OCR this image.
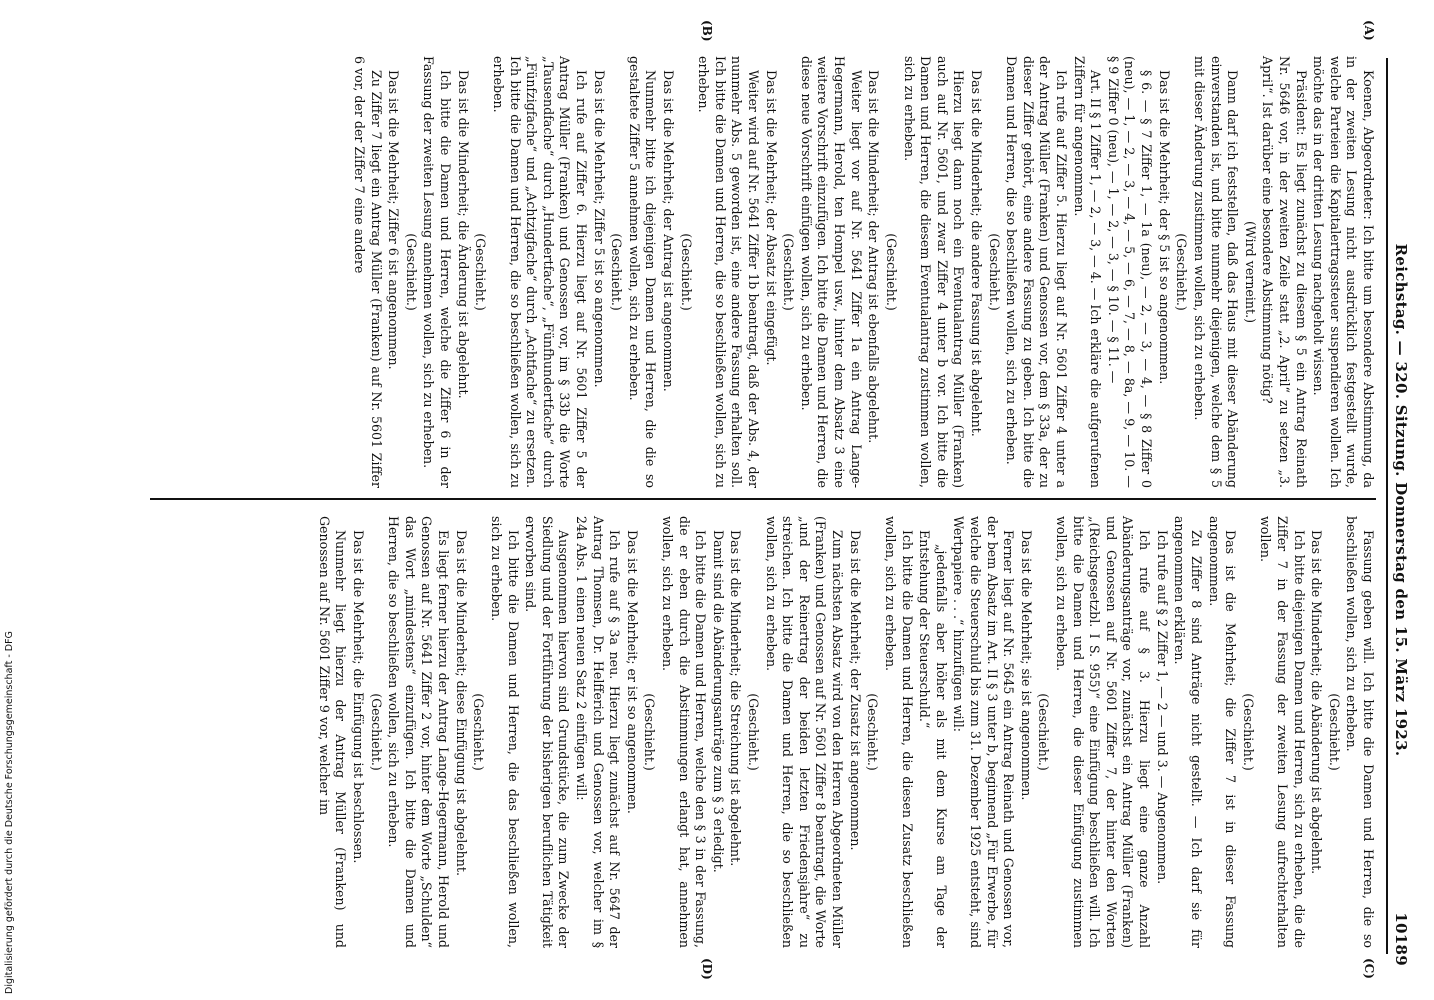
Reichstag. — 320. Sitzung. Donnerstag den 15. März 1923.
10189
(A)
(B)
(C)
(D)

Koenen, Abgeordneter: Ich bitte um besondere Abstimmung, da in der zweiten Lesung nicht ausdrücklich festgestellt wurde, welche Parteien die Kapitalertragssteuer suspendieren wollen. Ich möchte das in der dritten Lesung nachgeholt wissen.

Präsident: Es liegt zunächst zu diesem § 5 ein Antrag Reinath Nr. 5646 vor, in der zweiten Zeile statt „2. April“ zu setzen „3. April“. Ist darüber eine besondere Abstimmung nötig?

(Wird verneint.)

Dann darf ich feststellen, daß das Haus mit dieser Abänderung einverstanden ist, und bitte nunmehr diejenigen, welche dem § 5 mit dieser Änderung zustimmen wollen, sich zu erheben.

(Geschieht.)

Das ist die Mehrheit; der § 5 ist so angenommen.

§ 6. — § 7 Ziffer 1, — 1a (neu), — 2, — 3, — 4, — § 8 Ziffer 0 (neu), — 1, — 2, — 3, — 4, — 5, — 6, — 7, — 8, — 8a, — 9, — 10. — § 9 Ziffer 0 (neu), — 1, — 2, — 3, — § 10. — § 11. —

Art. II § 1 Ziffer 1, — 2, — 3, — 4. — Ich erkläre die aufgerufenen Ziffern für angenommen.

Ich rufe auf Ziffer 5. Hierzu liegt auf Nr. 5601 Ziffer 4 unter a der Antrag Müller (Franken) und Genossen vor, dem § 33a, der zu dieser Ziffer gehört, eine andere Fassung zu geben. Ich bitte die Damen und Herren, die so beschließen wollen, sich zu erheben.

(Geschieht.)

Das ist die Minderheit; die andere Fassung ist abgelehnt.

Hierzu liegt dann noch ein Eventualantrag Müller (Franken) auch auf Nr. 5601, und zwar Ziffer 4 unter b vor. Ich bitte die Damen und Herren, die diesem Eventualantrag zustimmen wollen, sich zu erheben.

(Geschieht.)

Das ist die Minderheit; der Antrag ist ebenfalls abgelehnt.

Weiter liegt vor auf Nr. 5641 Ziffer 1a ein Antrag Lange-Hegermann, Herold, ten Hompel usw., hinter dem Absatz 3 eine weitere Vorschrift einzufügen. Ich bitte die Damen und Herren, die diese neue Vorschrift einfügen wollen, sich zu erheben.

(Geschieht.)

Das ist die Mehrheit; der Absatz ist eingefügt.

Weiter wird auf Nr. 5641 Ziffer 1b beantragt, daß der Abs. 4, der nunmehr Abs. 5 geworden ist, eine andere Fassung erhalten soll. Ich bitte die Damen und Herren, die so beschließen wollen, sich zu erheben.

(Geschieht.)

Das ist die Mehrheit; der Antrag ist angenommen.

Nunmehr bitte ich diejenigen Damen und Herren, die die so gestaltete Ziffer 5 annehmen wollen, sich zu erheben.

(Geschieht.)

Das ist die Mehrheit; Ziffer 5 ist so angenommen.

Ich rufe auf Ziffer 6. Hierzu liegt auf Nr. 5601 Ziffer 5 der Antrag Müller (Franken) und Genossen vor, im § 33b die Worte „Tausendfache“ durch „Hundertfache“, „Fünfhundertfache“ durch „Fünfzigfache“ und „Achtzigfache“ durch „Achtfache“ zu ersetzen. Ich bitte die Damen und Herren, die so beschließen wollen, sich zu erheben.

(Geschieht.)

Das ist die Minderheit; die Änderung ist abgelehnt.

Ich bitte die Damen und Herren, welche die Ziffer 6 in der Fassung der zweiten Lesung annehmen wollen, sich zu erheben.

(Geschieht.)

Das ist die Mehrheit; Ziffer 6 ist angenommen.

Zu Ziffer 7 liegt ein Antrag Müller (Franken) auf Nr. 5601 Ziffer 6 vor, der der Ziffer 7 eine andere

Fassung geben will. Ich bitte die Damen und Herren, die so beschließen wollen, sich zu erheben.

(Geschieht.)

Das ist die Minderheit; die Abänderung ist abgelehnt.

Ich bitte diejenigen Damen und Herren, sich zu erheben, die die Ziffer 7 in der Fassung der zweiten Lesung aufrechterhalten wollen.

(Geschieht.)

Das ist die Mehrheit; die Ziffer 7 ist in dieser Fassung angenommen.

Zu Ziffer 8 sind Anträge nicht gestellt. — Ich darf sie für angenommen erklären.

Ich rufe auf § 2 Ziffer 1, — 2 — und 3. — Angenommen.

Ich rufe auf § 3. Hierzu liegt eine ganze Anzahl Abänderungsanträge vor, zunächst ein Antrag Müller (Franken) und Genossen auf Nr. 5601 Ziffer 7, der hinter den Worten „(Reichsgesetzbl. I S. 955)“ eine Einfügung beschließen will. Ich bitte die Damen und Herren, die dieser Einfügung zustimmen wollen, sich zu erheben.

(Geschieht.)

Das ist die Mehrheit; sie ist angenommen.

Ferner liegt auf Nr. 5645 ein Antrag Reinath und Genossen vor, der bem Absatz im Art. II § 3 unter b, beginnend „Für Erwerbe, für welche die Steuerschuld bis zum 31. Dezember 1925 entsteht, sind Wertpapiere . . .“ hinzufügen will:

„jedenfalls aber höher als mit dem Kurse am Tage der Entstehung der Steuerschuld.“

Ich bitte die Damen und Herren, die diesen Zusatz beschließen wollen, sich zu erheben.

(Geschieht.)

Das ist die Mehrheit; der Zusatz ist angenommen.

Zum nächsten Absatz wird von den Herren Abgeordneten Müller (Franken) und Genossen auf Nr. 5601 Ziffer 8 beantragt, die Worte „und der Reinertrag der beiden letzten Friedensjahre“ zu streichen. Ich bitte die Damen und Herren, die so beschließen wollen, sich zu erheben.

(Geschieht.)

Das ist die Minderheit; die Streichung ist abgelehnt.

Damit sind die Abänderungsanträge zum § 3 erledigt.

Ich bitte die Damen und Herren, welche den § 3 in der Fassung, die er eben durch die Abstimmungen erlangt hat, annehmen wollen, sich zu erheben.

(Geschieht.)

Das ist die Mehrheit; er ist so angenommen.

Ich rufe auf § 3a neu. Hierzu liegt zunächst auf Nr. 5647 der Antrag Thomsen, Dr. Helfferich und Genossen vor, welcher im § 24a Abs. 1 einen neuen Satz 2 einfügen will:

Ausgenommen hiervon sind Grundstücke, die zum Zwecke der Siedlung und der Fortführung der bisherigen beruflichen Tätigkeit erworben sind.

Ich bitte die Damen und Herren, die das beschließen wollen, sich zu erheben.

(Geschieht.)

Das ist die Minderheit; diese Einfügung ist abgelehnt.

Es liegt ferner hierzu der Antrag Lange-Hegermann, Herold und Genossen auf Nr. 5641 Ziffer 2 vor, hinter dem Worte „Schulden“ das Wort „mindestens“ einzufügen. Ich bitte die Damen und Herren, die so beschließen wollen, sich zu erheben.

(Geschieht.)

Das ist die Mehrheit; die Einfügung ist beschlossen.

Nunmehr liegt hierzu der Antrag Müller (Franken) und Genossen auf Nr. 5601 Ziffer 9 vor, welcher im

Digitalisierung gefördert durch die Deutsche Forschungsgemeinschaft - DFG
